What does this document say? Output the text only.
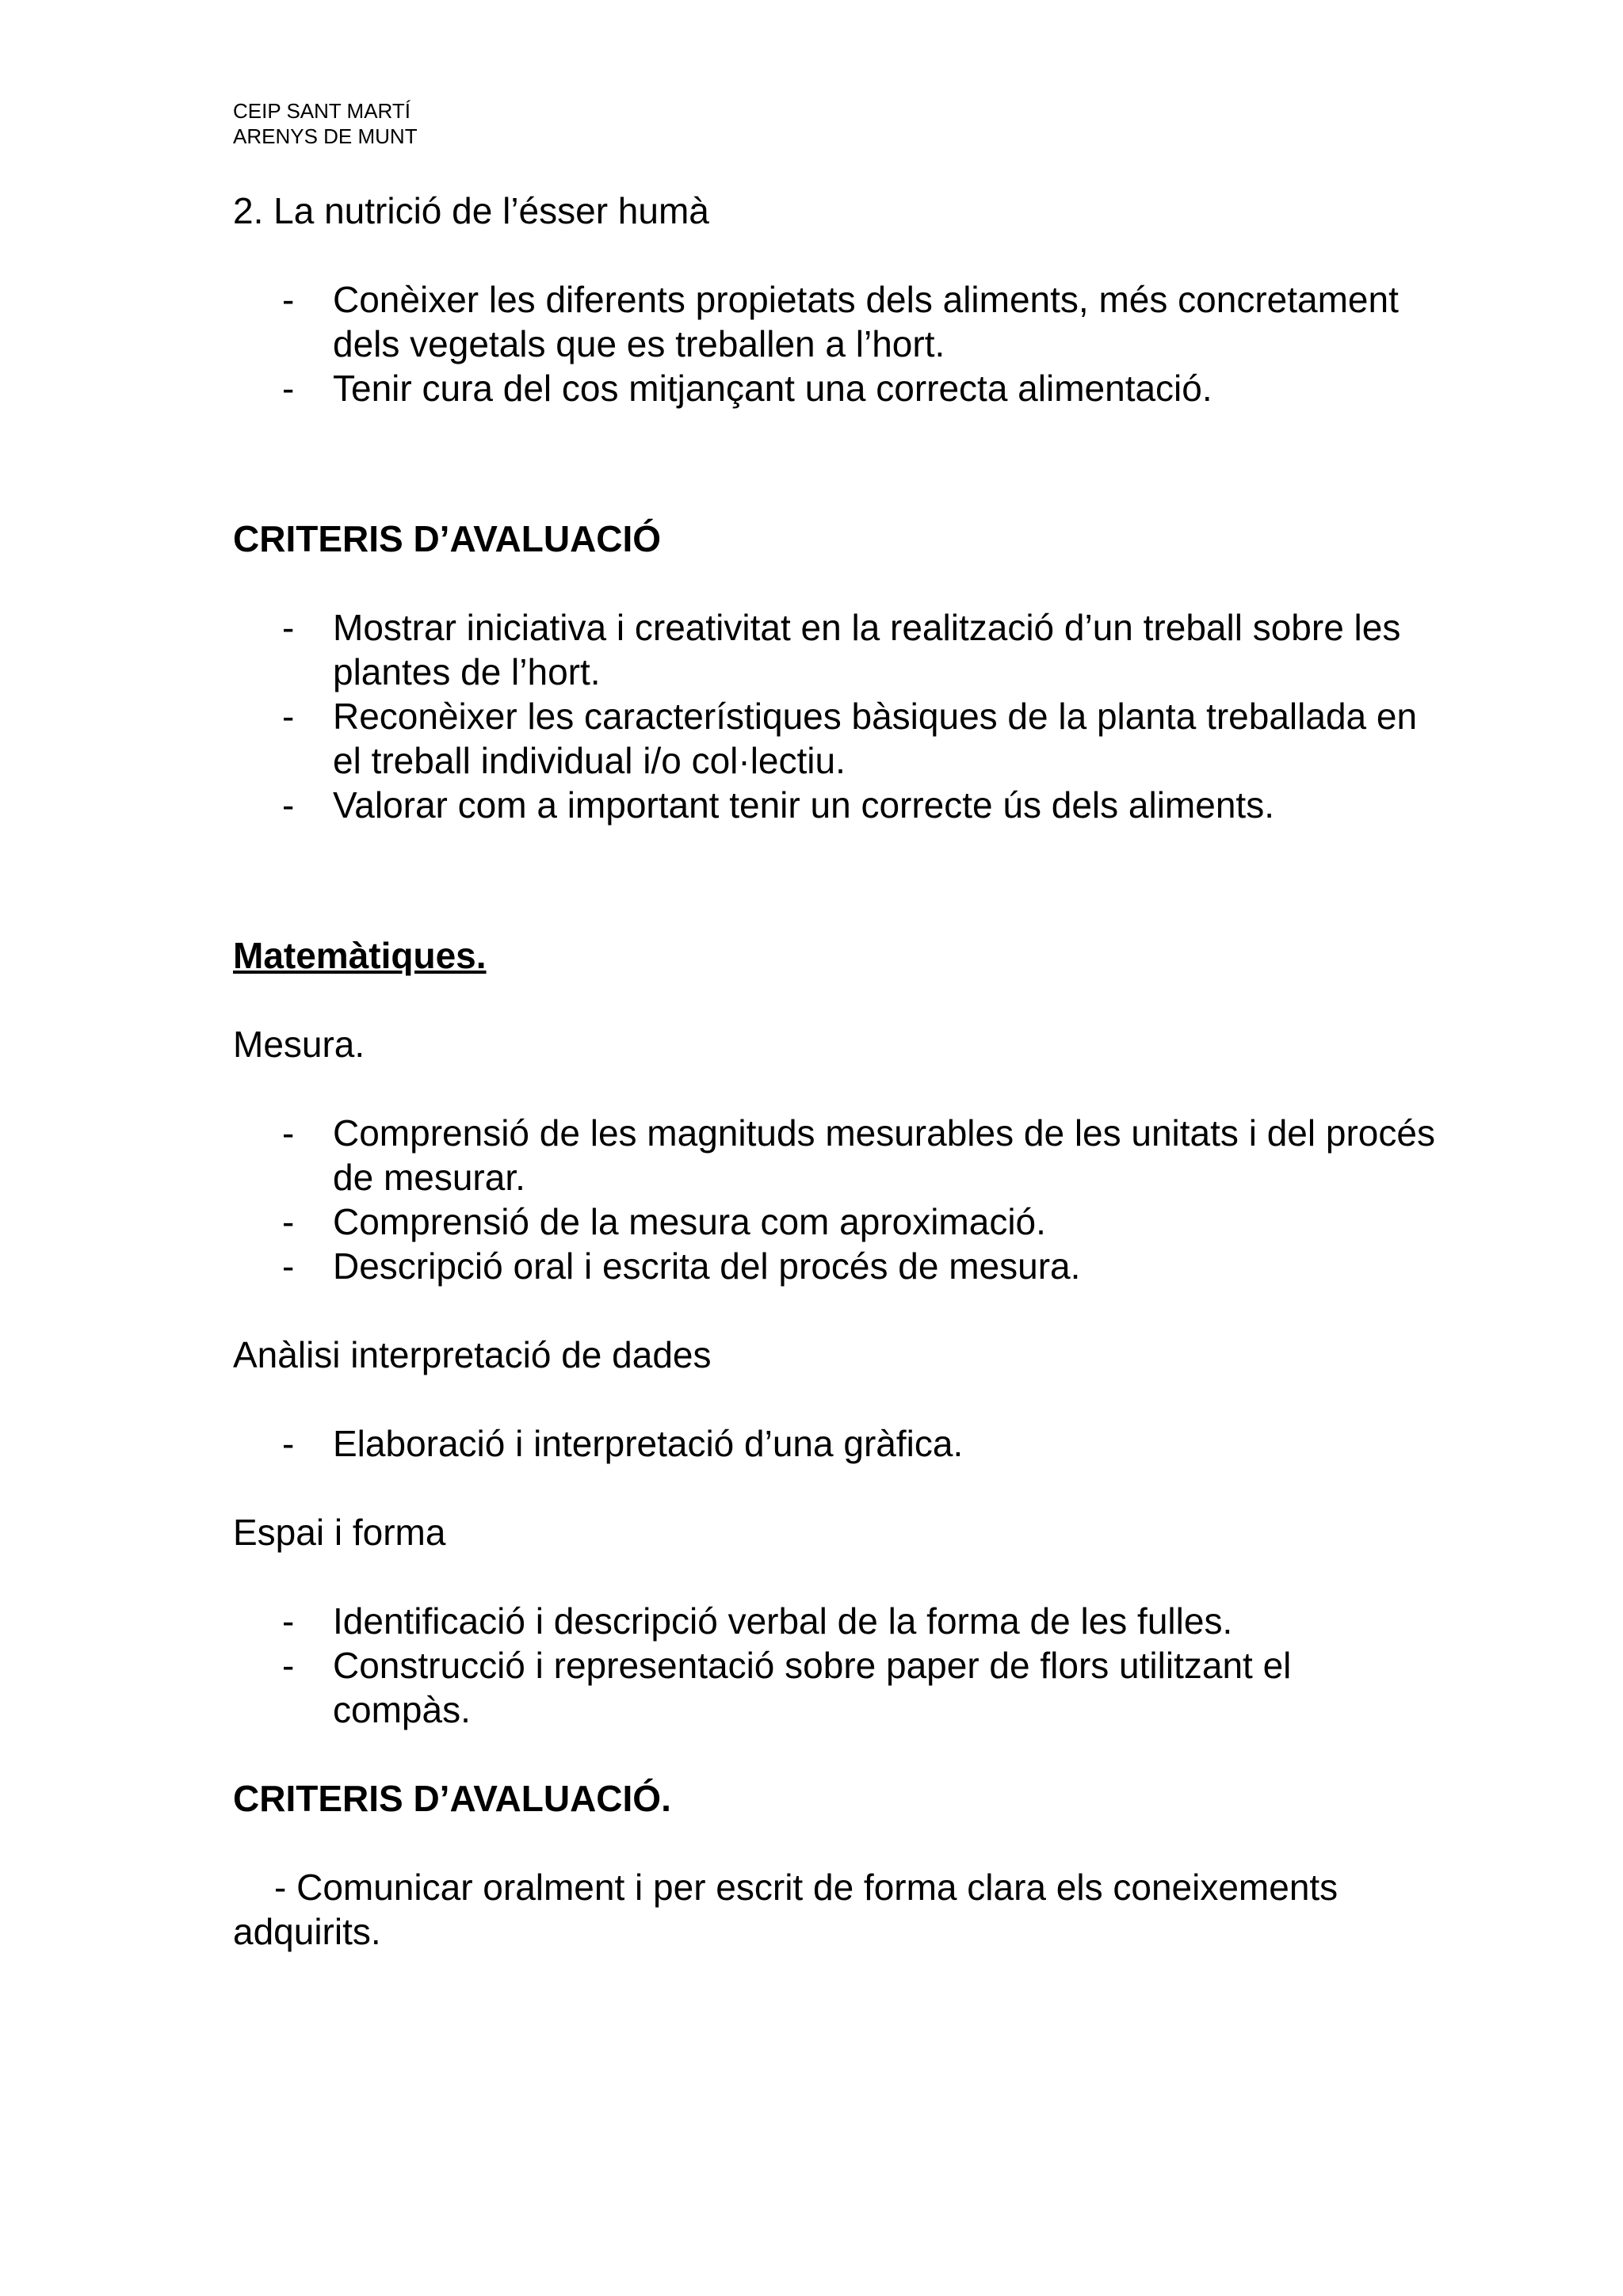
CEIP SANT MARTÍ
ARENYS DE MUNT

2. La nutrició de l’ésser humà

- Conèixer les diferents propietats dels aliments, més concretament dels vegetals que es treballen a l’hort.
- Tenir cura del cos mitjançant una correcta alimentació.

CRITERIS D’AVALUACIÓ

- Mostrar iniciativa i creativitat en la realització d’un treball sobre les plantes de l’hort.
- Reconèixer les característiques bàsiques de la planta treballada en el treball individual i/o col·lectiu.
- Valorar com a important tenir un correcte ús dels aliments.

Matemàtiques.

Mesura.

- Comprensió de les magnituds mesurables de les unitats i del procés de mesurar.
- Comprensió de la mesura com aproximació.
- Descripció oral i escrita del procés de mesura.

Anàlisi interpretació de dades

- Elaboració i interpretació d’una gràfica.

Espai i forma

- Identificació i descripció verbal de la forma de les fulles.
- Construcció i representació sobre paper de flors utilitzant el compàs.

CRITERIS D’AVALUACIÓ.

- Comunicar oralment i per escrit de forma clara els coneixements adquirits.
